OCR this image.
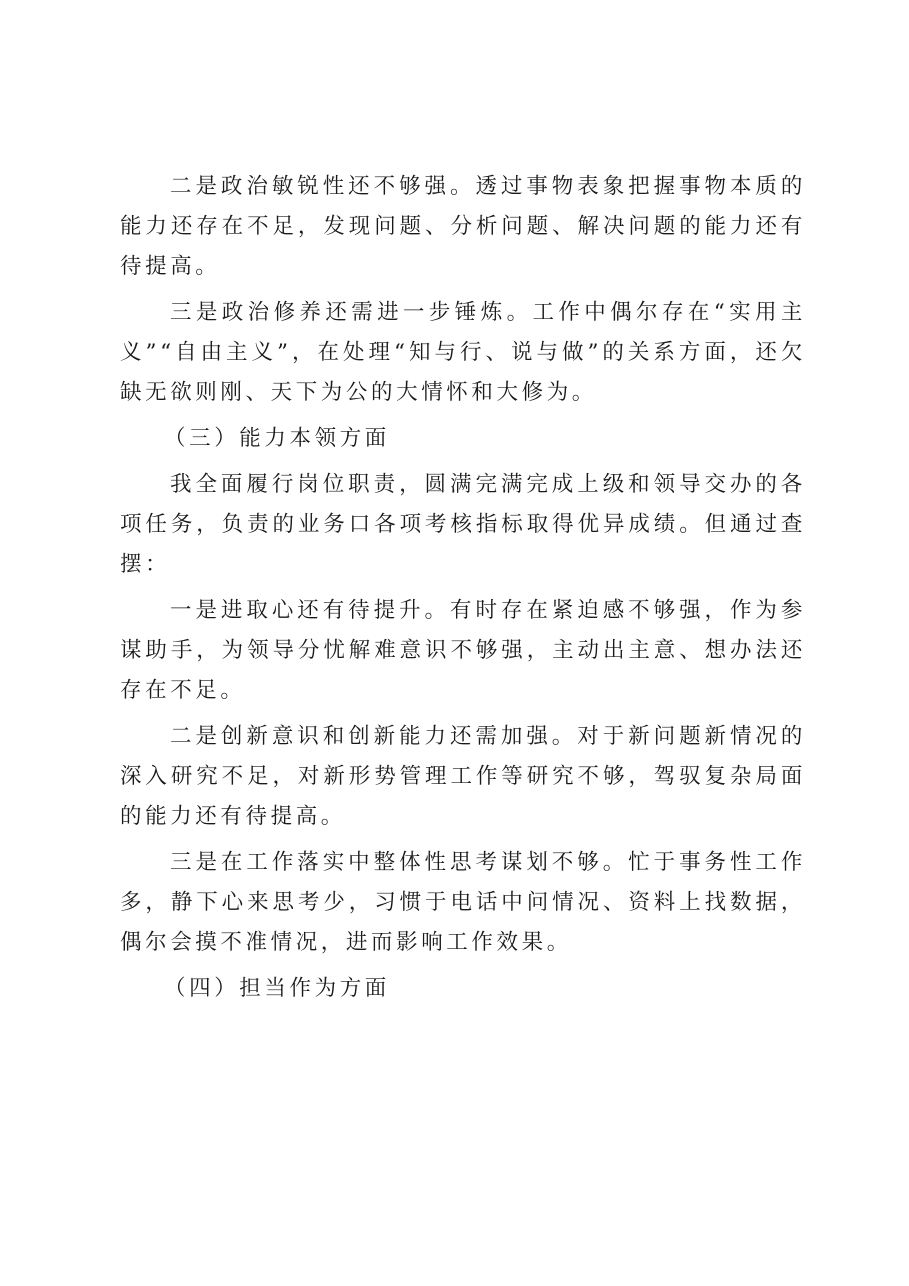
二是政治敏锐性还不够强。透过事物表象把握事物本质的能力还存在不足，发现问题、分析问题、解决问题的能力还有待提高。

三是政治修养还需进一步锤炼。工作中偶尔存在“实用主义”“自由主义”，在处理“知与行、说与做”的关系方面，还欠缺无欲则刚、天下为公的大情怀和大修为。

（三）能力本领方面

我全面履行岗位职责，圆满完满完成上级和领导交办的各项任务，负责的业务口各项考核指标取得优异成绩。但通过查摆：

一是进取心还有待提升。有时存在紧迫感不够强，作为参谋助手，为领导分忧解难意识不够强，主动出主意、想办法还存在不足。

二是创新意识和创新能力还需加强。对于新问题新情况的深入研究不足，对新形势管理工作等研究不够，驾驭复杂局面的能力还有待提高。

三是在工作落实中整体性思考谋划不够。忙于事务性工作多，静下心来思考少，习惯于电话中问情况、资料上找数据，偶尔会摸不准情况，进而影响工作效果。

（四）担当作为方面
